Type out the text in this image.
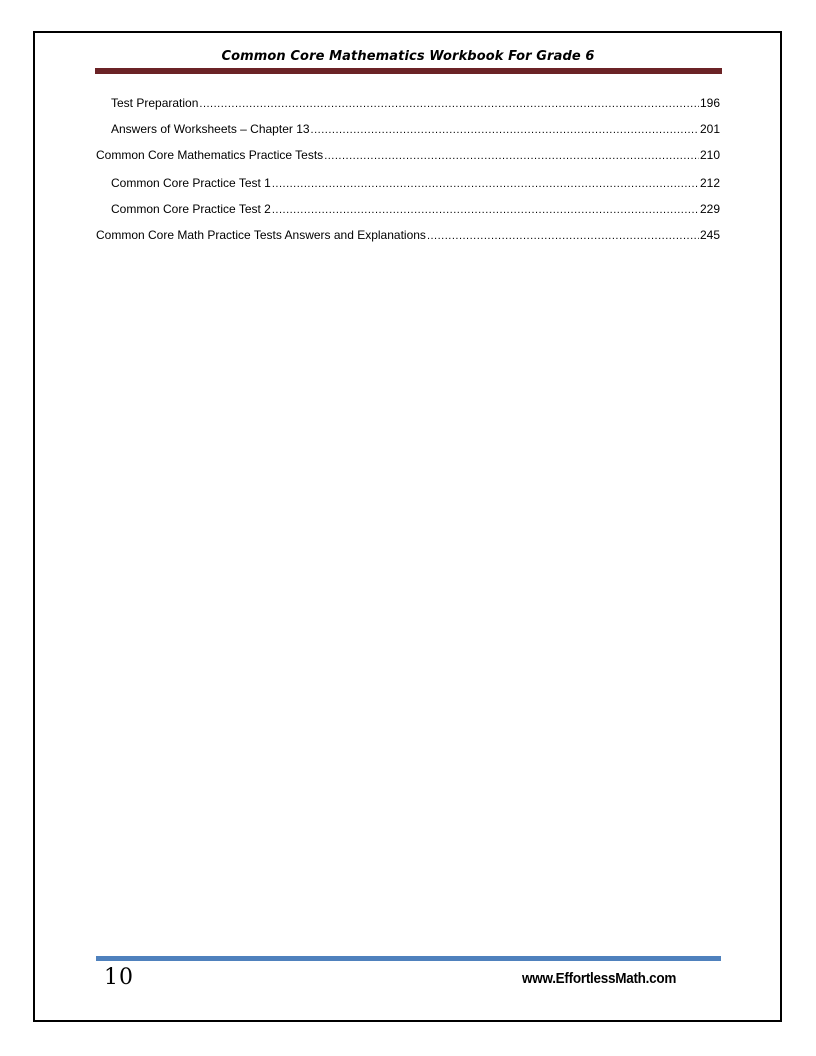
Common Core Mathematics Workbook For Grade 6
Test Preparation .....	196
Answers of Worksheets – Chapter 13 .....	201
Common Core Mathematics Practice Tests .....	210
Common Core Practice Test 1 .....	212
Common Core Practice Test 2 .....	229
Common Core Math Practice Tests Answers and Explanations .....	245
10	www.EffortlessMath.com
